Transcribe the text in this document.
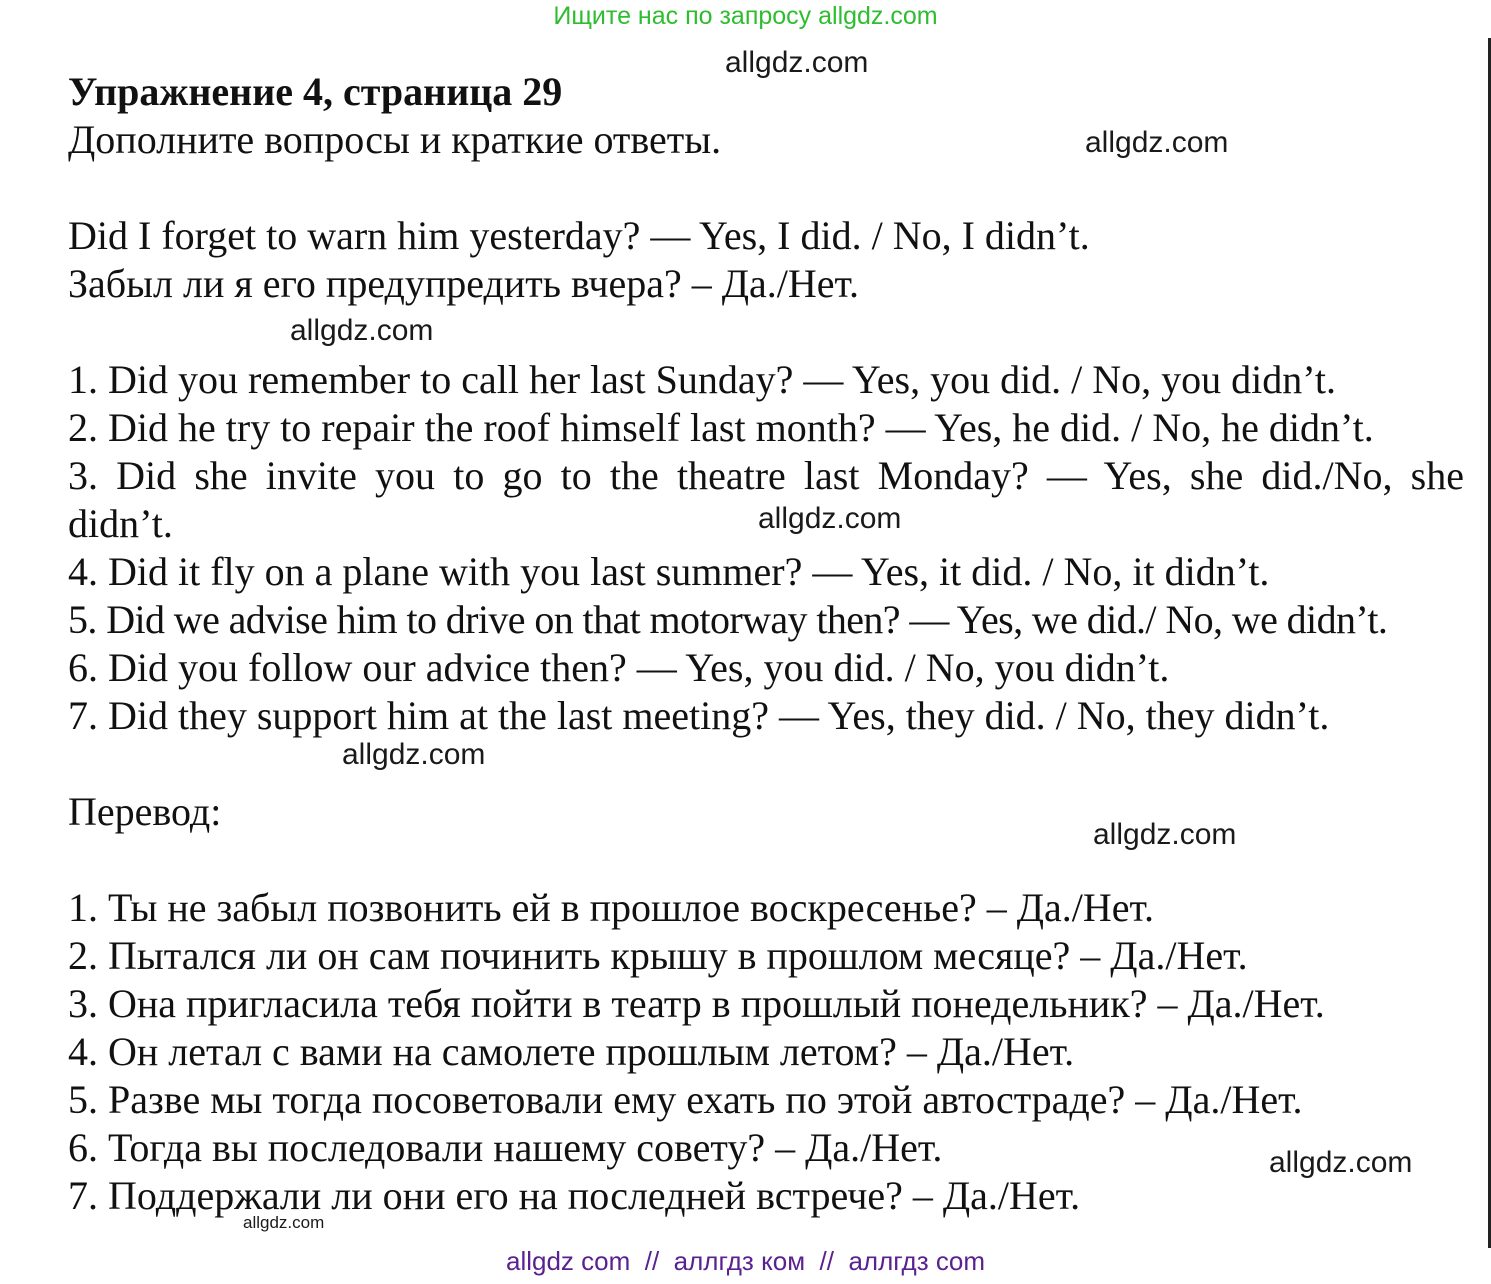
Ищите нас по запросу allgdz.com
Упражнение 4, страница 29
Дополните вопросы и краткие ответы.
Did I forget to warn him yesterday? — Yes, I did. / No, I didn’t.
Забыл ли я его предупредить вчера? – Да./Нет.
1. Did you remember to call her last Sunday? — Yes, you did. / No, you didn’t.
2. Did he try to repair the roof himself last month? — Yes, he did. / No, he didn’t.
3. Did she invite you to go to the theatre last Monday? — Yes, she did./No, she
didn’t.
4. Did it fly on a plane with you last summer? — Yes, it did. / No, it didn’t.
5. Did we advise him to drive on that motorway then? — Yes, we did./ No, we didn’t.
6. Did you follow our advice then? — Yes, you did. / No, you didn’t.
7. Did they support him at the last meeting? — Yes, they did. / No, they didn’t.
Перевод:
1. Ты не забыл позвонить ей в прошлое воскресенье? – Да./Нет.
2. Пытался ли он сам починить крышу в прошлом месяце? – Да./Нет.
3. Она пригласила тебя пойти в театр в прошлый понедельник? – Да./Нет.
4. Он летал с вами на самолете прошлым летом? – Да./Нет.
5. Разве мы тогда посоветовали ему ехать по этой автостраде? – Да./Нет.
6. Тогда вы последовали нашему совету? – Да./Нет.
7. Поддержали ли они его на последней встрече? – Да./Нет.
allgdz.com
allgdz.com
allgdz.com
allgdz.com
allgdz.com
allgdz.com
allgdz.com
allgdz.com
allgdz com // аллгдз ком // аллгдз com
